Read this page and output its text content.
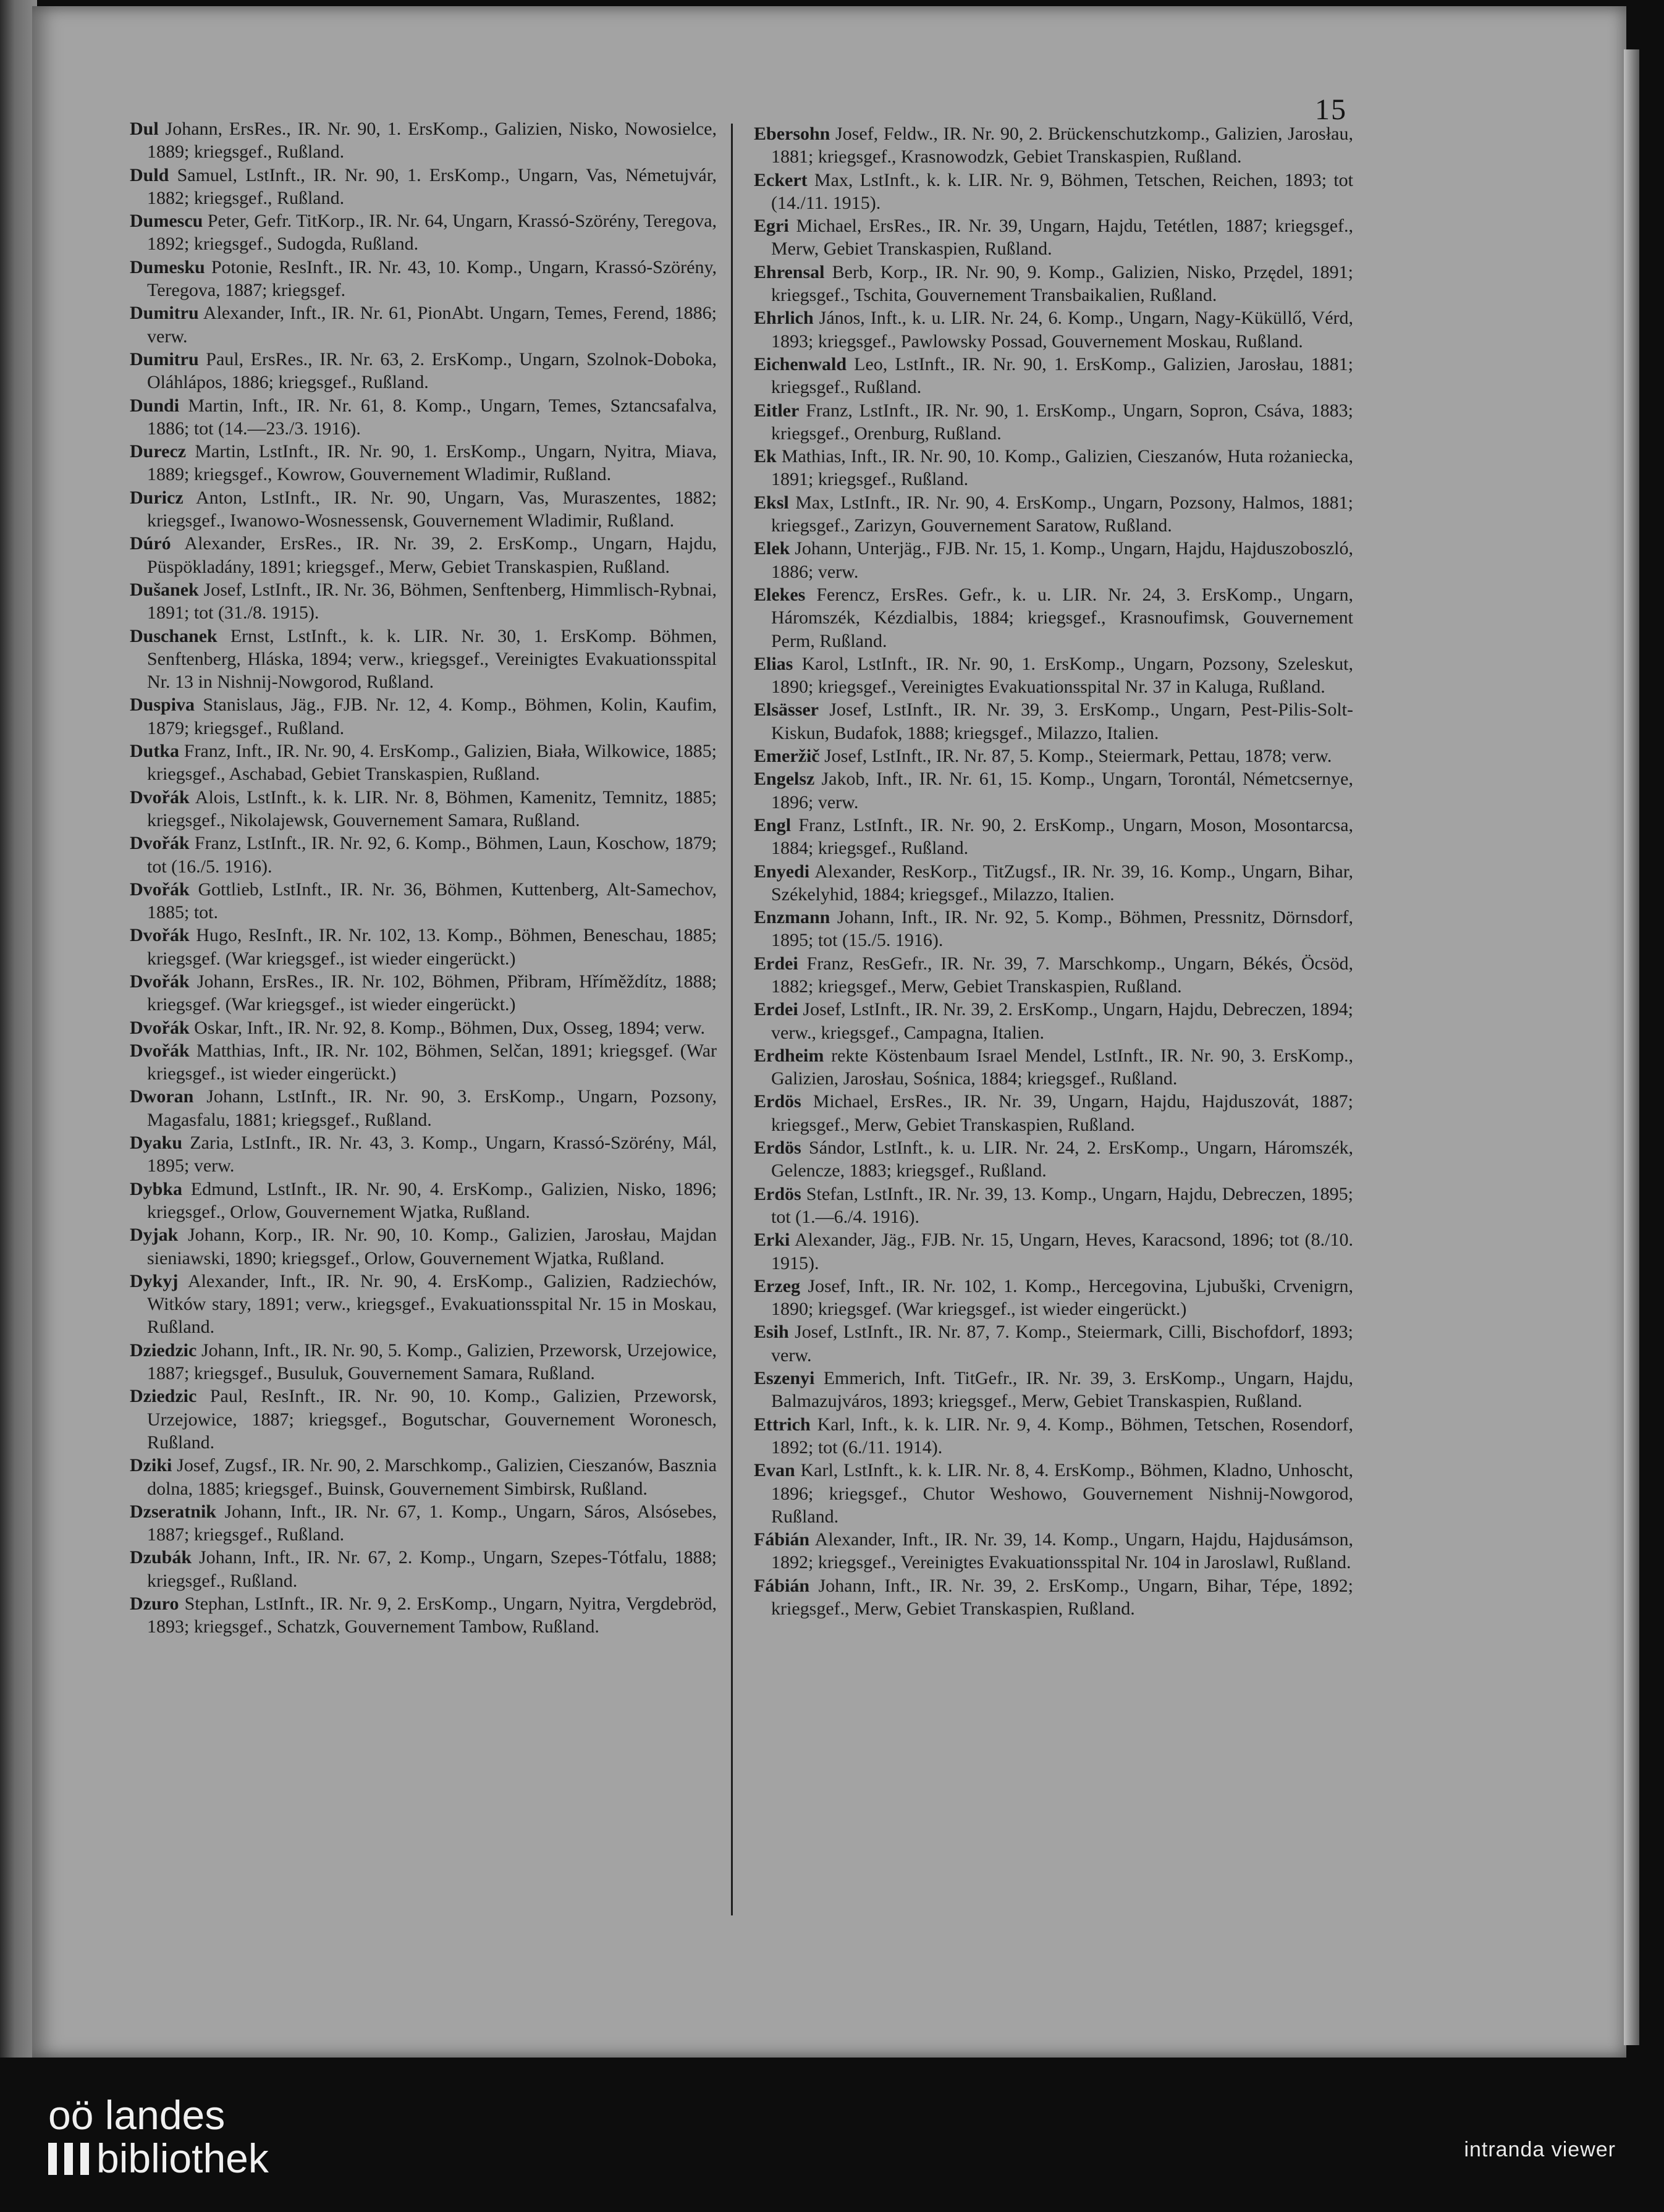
15

Dul Johann, ErsRes., IR. Nr. 90, 1. ErsKomp., Galizien, Nisko, Nowosielce, 1889; kriegsgef., Rußland.

Duld Samuel, LstInft., IR. Nr. 90, 1. ErsKomp., Ungarn, Vas, Németujvár, 1882; kriegsgef., Rußland.

Dumescu Peter, Gefr. TitKorp., IR. Nr. 64, Ungarn, Krassó-Szörény, Teregova, 1892; kriegsgef., Sudogda, Rußland.

Dumesku Potonie, ResInft., IR. Nr. 43, 10. Komp., Ungarn, Krassó-Szörény, Teregova, 1887; kriegsgef.

Dumitru Alexander, Inft., IR. Nr. 61, PionAbt. Ungarn, Temes, Ferend, 1886; verw.

Dumitru Paul, ErsRes., IR. Nr. 63, 2. ErsKomp., Ungarn, Szolnok-Doboka, Oláhlápos, 1886; kriegsgef., Rußland.

Dundi Martin, Inft., IR. Nr. 61, 8. Komp., Ungarn, Temes, Sztancsafalva, 1886; tot (14.—23./3. 1916).

Durecz Martin, LstInft., IR. Nr. 90, 1. ErsKomp., Ungarn, Nyitra, Miava, 1889; kriegsgef., Kowrow, Gouvernement Wladimir, Rußland.

Duricz Anton, LstInft., IR. Nr. 90, Ungarn, Vas, Muraszentes, 1882; kriegsgef., Iwanowo-Wosnessensk, Gouvernement Wladimir, Rußland.

Dúró Alexander, ErsRes., IR. Nr. 39, 2. ErsKomp., Ungarn, Hajdu, Püspökladány, 1891; kriegsgef., Merw, Gebiet Transkaspien, Rußland.

Dušanek Josef, LstInft., IR. Nr. 36, Böhmen, Senftenberg, Himmlisch-Rybnai, 1891; tot (31./8. 1915).

Duschanek Ernst, LstInft., k. k. LIR. Nr. 30, 1. ErsKomp. Böhmen, Senftenberg, Hláska, 1894; verw., kriegsgef., Vereinigtes Evakuationsspital Nr. 13 in Nishnij-Nowgorod, Rußland.

Duspiva Stanislaus, Jäg., FJB. Nr. 12, 4. Komp., Böhmen, Kolin, Kaufim, 1879; kriegsgef., Rußland.

Dutka Franz, Inft., IR. Nr. 90, 4. ErsKomp., Galizien, Biała, Wilkowice, 1885; kriegsgef., Aschabad, Gebiet Transkaspien, Rußland.

Dvořák Alois, LstInft., k. k. LIR. Nr. 8, Böhmen, Kamenitz, Temnitz, 1885; kriegsgef., Nikolajewsk, Gouvernement Samara, Rußland.

Dvořák Franz, LstInft., IR. Nr. 92, 6. Komp., Böhmen, Laun, Koschow, 1879; tot (16./5. 1916).

Dvořák Gottlieb, LstInft., IR. Nr. 36, Böhmen, Kuttenberg, Alt-Samechov, 1885; tot.

Dvořák Hugo, ResInft., IR. Nr. 102, 13. Komp., Böhmen, Beneschau, 1885; kriegsgef. (War kriegsgef., ist wieder eingerückt.)

Dvořák Johann, ErsRes., IR. Nr. 102, Böhmen, Přibram, Hříměždítz, 1888; kriegsgef. (War kriegsgef., ist wieder eingerückt.)

Dvořák Oskar, Inft., IR. Nr. 92, 8. Komp., Böhmen, Dux, Osseg, 1894; verw.

Dvořák Matthias, Inft., IR. Nr. 102, Böhmen, Selčan, 1891; kriegsgef. (War kriegsgef., ist wieder eingerückt.)

Dworan Johann, LstInft., IR. Nr. 90, 3. ErsKomp., Ungarn, Pozsony, Magasfalu, 1881; kriegsgef., Rußland.

Dyaku Zaria, LstInft., IR. Nr. 43, 3. Komp., Ungarn, Krassó-Szörény, Mál, 1895; verw.

Dybka Edmund, LstInft., IR. Nr. 90, 4. ErsKomp., Galizien, Nisko, 1896; kriegsgef., Orlow, Gouvernement Wjatka, Rußland.

Dyjak Johann, Korp., IR. Nr. 90, 10. Komp., Galizien, Jarosłau, Majdan sieniawski, 1890; kriegsgef., Orlow, Gouvernement Wjatka, Rußland.

Dykyj Alexander, Inft., IR. Nr. 90, 4. ErsKomp., Galizien, Radziechów, Witków stary, 1891; verw., kriegsgef., Evakuationsspital Nr. 15 in Moskau, Rußland.

Dziedzic Johann, Inft., IR. Nr. 90, 5. Komp., Galizien, Przeworsk, Urzejowice, 1887; kriegsgef., Busuluk, Gouvernement Samara, Rußland.

Dziedzic Paul, ResInft., IR. Nr. 90, 10. Komp., Galizien, Przeworsk, Urzejowice, 1887; kriegsgef., Bogutschar, Gouvernement Woronesch, Rußland.

Dziki Josef, Zugsf., IR. Nr. 90, 2. Marschkomp., Galizien, Cieszanów, Basznia dolna, 1885; kriegsgef., Buinsk, Gouvernement Simbirsk, Rußland.

Dzseratnik Johann, Inft., IR. Nr. 67, 1. Komp., Ungarn, Sáros, Alsósebes, 1887; kriegsgef., Rußland.

Dzubák Johann, Inft., IR. Nr. 67, 2. Komp., Ungarn, Szepes-Tótfalu, 1888; kriegsgef., Rußland.

Dzuro Stephan, LstInft., IR. Nr. 9, 2. ErsKomp., Ungarn, Nyitra, Vergdebröd, 1893; kriegsgef., Schatzk, Gouvernement Tambow, Rußland.

Ebersohn Josef, Feldw., IR. Nr. 90, 2. Brückenschutzkomp., Galizien, Jarosłau, 1881; kriegsgef., Krasnowodzk, Gebiet Transkaspien, Rußland.

Eckert Max, LstInft., k. k. LIR. Nr. 9, Böhmen, Tetschen, Reichen, 1893; tot (14./11. 1915).

Egri Michael, ErsRes., IR. Nr. 39, Ungarn, Hajdu, Tetétlen, 1887; kriegsgef., Merw, Gebiet Transkaspien, Rußland.

Ehrensal Berb, Korp., IR. Nr. 90, 9. Komp., Galizien, Nisko, Przędel, 1891; kriegsgef., Tschita, Gouvernement Transbaikalien, Rußland.

Ehrlich János, Inft., k. u. LIR. Nr. 24, 6. Komp., Ungarn, Nagy-Küküllő, Vérd, 1893; kriegsgef., Pawlowsky Possad, Gouvernement Moskau, Rußland.

Eichenwald Leo, LstInft., IR. Nr. 90, 1. ErsKomp., Galizien, Jarosłau, 1881; kriegsgef., Rußland.

Eitler Franz, LstInft., IR. Nr. 90, 1. ErsKomp., Ungarn, Sopron, Csáva, 1883; kriegsgef., Orenburg, Rußland.

Ek Mathias, Inft., IR. Nr. 90, 10. Komp., Galizien, Cieszanów, Huta rożaniecka, 1891; kriegsgef., Rußland.

Eksl Max, LstInft., IR. Nr. 90, 4. ErsKomp., Ungarn, Pozsony, Halmos, 1881; kriegsgef., Zarizyn, Gouvernement Saratow, Rußland.

Elek Johann, Unterjäg., FJB. Nr. 15, 1. Komp., Ungarn, Hajdu, Hajduszoboszló, 1886; verw.

Elekes Ferencz, ErsRes. Gefr., k. u. LIR. Nr. 24, 3. ErsKomp., Ungarn, Háromszék, Kézdialbis, 1884; kriegsgef., Krasnoufimsk, Gouvernement Perm, Rußland.

Elias Karol, LstInft., IR. Nr. 90, 1. ErsKomp., Ungarn, Pozsony, Szeleskut, 1890; kriegsgef., Vereinigtes Evakuationsspital Nr. 37 in Kaluga, Rußland.

Elsässer Josef, LstInft., IR. Nr. 39, 3. ErsKomp., Ungarn, Pest-Pilis-Solt-Kiskun, Budafok, 1888; kriegsgef., Milazzo, Italien.

Emeržič Josef, LstInft., IR. Nr. 87, 5. Komp., Steiermark, Pettau, 1878; verw.

Engelsz Jakob, Inft., IR. Nr. 61, 15. Komp., Ungarn, Torontál, Németcsernye, 1896; verw.

Engl Franz, LstInft., IR. Nr. 90, 2. ErsKomp., Ungarn, Moson, Mosontarcsa, 1884; kriegsgef., Rußland.

Enyedi Alexander, ResKorp., TitZugsf., IR. Nr. 39, 16. Komp., Ungarn, Bihar, Székelyhid, 1884; kriegsgef., Milazzo, Italien.

Enzmann Johann, Inft., IR. Nr. 92, 5. Komp., Böhmen, Pressnitz, Dörnsdorf, 1895; tot (15./5. 1916).

Erdei Franz, ResGefr., IR. Nr. 39, 7. Marschkomp., Ungarn, Békés, Öcsöd, 1882; kriegsgef., Merw, Gebiet Transkaspien, Rußland.

Erdei Josef, LstInft., IR. Nr. 39, 2. ErsKomp., Ungarn, Hajdu, Debreczen, 1894; verw., kriegsgef., Campagna, Italien.

Erdheim rekte Köstenbaum Israel Mendel, LstInft., IR. Nr. 90, 3. ErsKomp., Galizien, Jarosłau, Sośnica, 1884; kriegsgef., Rußland.

Erdös Michael, ErsRes., IR. Nr. 39, Ungarn, Hajdu, Hajduszovát, 1887; kriegsgef., Merw, Gebiet Transkaspien, Rußland.

Erdös Sándor, LstInft., k. u. LIR. Nr. 24, 2. ErsKomp., Ungarn, Háromszék, Gelencze, 1883; kriegsgef., Rußland.

Erdös Stefan, LstInft., IR. Nr. 39, 13. Komp., Ungarn, Hajdu, Debreczen, 1895; tot (1.—6./4. 1916).

Erki Alexander, Jäg., FJB. Nr. 15, Ungarn, Heves, Karacsond, 1896; tot (8./10. 1915).

Erzeg Josef, Inft., IR. Nr. 102, 1. Komp., Hercegovina, Ljubuški, Crvenigrn, 1890; kriegsgef. (War kriegsgef., ist wieder eingerückt.)

Esih Josef, LstInft., IR. Nr. 87, 7. Komp., Steiermark, Cilli, Bischofdorf, 1893; verw.

Eszenyi Emmerich, Inft. TitGefr., IR. Nr. 39, 3. ErsKomp., Ungarn, Hajdu, Balmazujváros, 1893; kriegsgef., Merw, Gebiet Transkaspien, Rußland.

Ettrich Karl, Inft., k. k. LIR. Nr. 9, 4. Komp., Böhmen, Tetschen, Rosendorf, 1892; tot (6./11. 1914).

Evan Karl, LstInft., k. k. LIR. Nr. 8, 4. ErsKomp., Böhmen, Kladno, Unhoscht, 1896; kriegsgef., Chutor Weshowo, Gouvernement Nishnij-Nowgorod, Rußland.

Fábián Alexander, Inft., IR. Nr. 39, 14. Komp., Ungarn, Hajdu, Hajdusámson, 1892; kriegsgef., Vereinigtes Evakuationsspital Nr. 104 in Jaroslawl, Rußland.

Fábián Johann, Inft., IR. Nr. 39, 2. ErsKomp., Ungarn, Bihar, Tépe, 1892; kriegsgef., Merw, Gebiet Transkaspien, Rußland.

oö landes
bibliothek	intranda viewer
